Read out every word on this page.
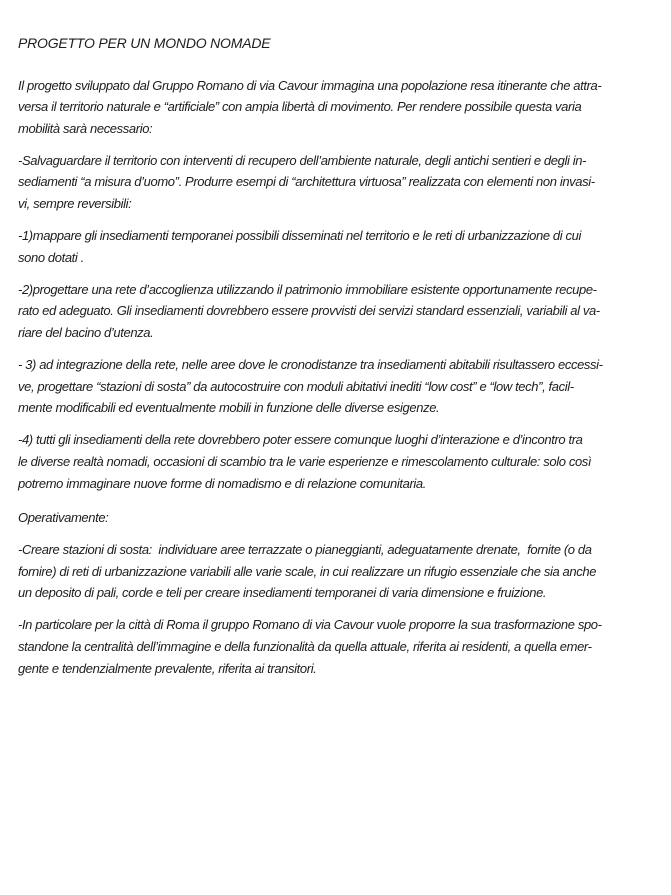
PROGETTO PER UN MONDO NOMADE

Il progetto sviluppato dal Gruppo Romano di via Cavour immagina una popolazione resa itinerante che attra-
versa il territorio naturale e “artificiale” con ampia libertà di movimento. Per rendere possibile questa varia
mobilità sarà necessario:

-Salvaguardare il territorio con interventi di recupero dell’ambiente naturale, degli antichi sentieri e degli in-
sediamenti “a misura d’uomo”. Produrre esempi di “architettura virtuosa” realizzata con elementi non invasi-
vi, sempre reversibili:

-1)mappare gli insediamenti temporanei possibili disseminati nel territorio e le reti di urbanizzazione di cui
sono dotati .

-2)progettare una rete d’accoglienza utilizzando il patrimonio immobiliare esistente opportunamente recupe-
rato ed adeguato. Gli insediamenti dovrebbero essere provvisti dei servizi standard essenziali, variabili al va-
riare del bacino d’utenza.

- 3) ad integrazione della rete, nelle aree dove le cronodistanze tra insediamenti abitabili risultassero eccessi-
ve, progettare “stazioni di sosta” da autocostruire con moduli abitativi inediti “low cost” e “low tech”, facil-
mente modificabili ed eventualmente mobili in funzione delle diverse esigenze.

-4) tutti gli insediamenti della rete dovrebbero poter essere comunque luoghi d’interazione e d’incontro tra
le diverse realtà nomadi, occasioni di scambio tra le varie esperienze e rimescolamento culturale: solo così
potremo immaginare nuove forme di nomadismo e di relazione comunitaria.

Operativamente:

-Creare stazioni di sosta:  individuare aree terrazzate o pianeggianti, adeguatamente drenate,  fornite (o da
fornire) di reti di urbanizzazione variabili alle varie scale, in cui realizzare un rifugio essenziale che sia anche
un deposito di pali, corde e teli per creare insediamenti temporanei di varia dimensione e fruizione.

-In particolare per la città di Roma il gruppo Romano di via Cavour vuole proporre la sua trasformazione spo-
standone la centralità dell’immagine e della funzionalità da quella attuale, riferita ai residenti, a quella emer-
gente e tendenzialmente prevalente, riferita ai transitori.
